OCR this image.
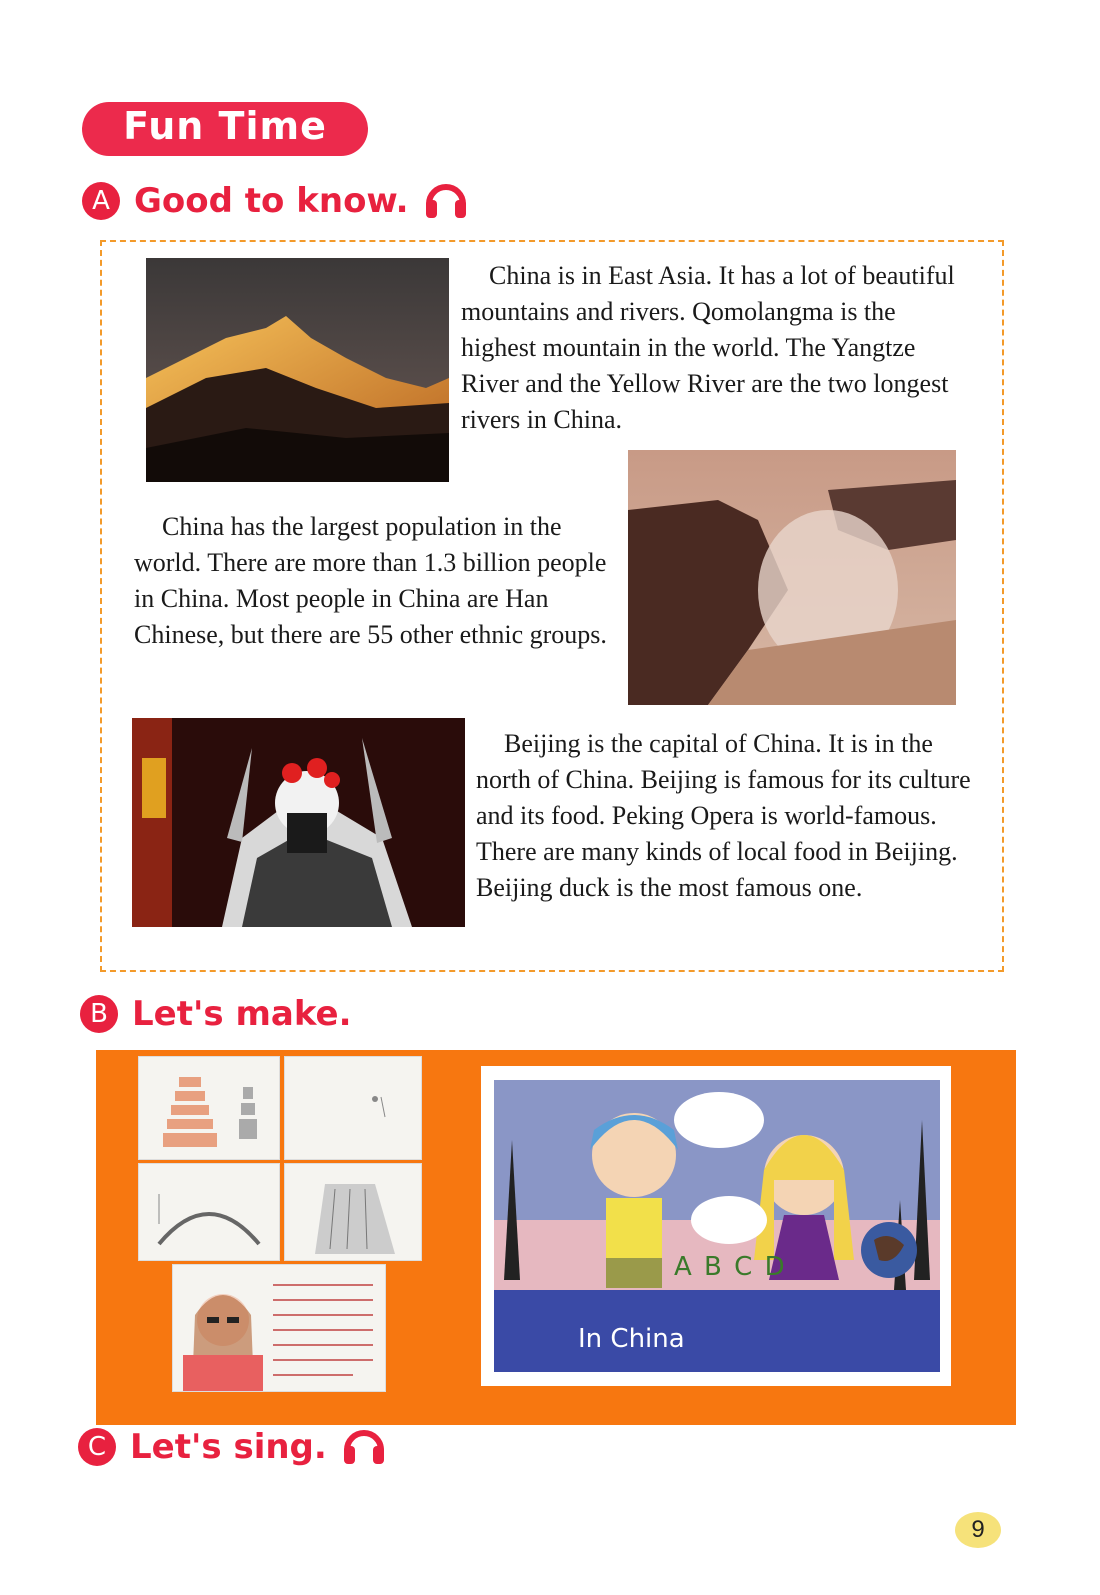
Fun Time
A Good to know.

China is in East Asia. It has a lot of beautiful mountains and rivers. Qomolangma is the highest mountain in the world. The Yangtze River and the Yellow River are the two longest rivers in China.

China has the largest population in the world. There are more than 1.3 billion people in China. Most people in China are Han Chinese, but there are 55 other ethnic groups.

Beijing is the capital of China. It is in the north of China. Beijing is famous for its culture and its food. Peking Opera is world-famous. There are many kinds of local food in Beijing. Beijing duck is the most famous one.

B Let's make.
A B C D
In China
C Let's sing.
9
